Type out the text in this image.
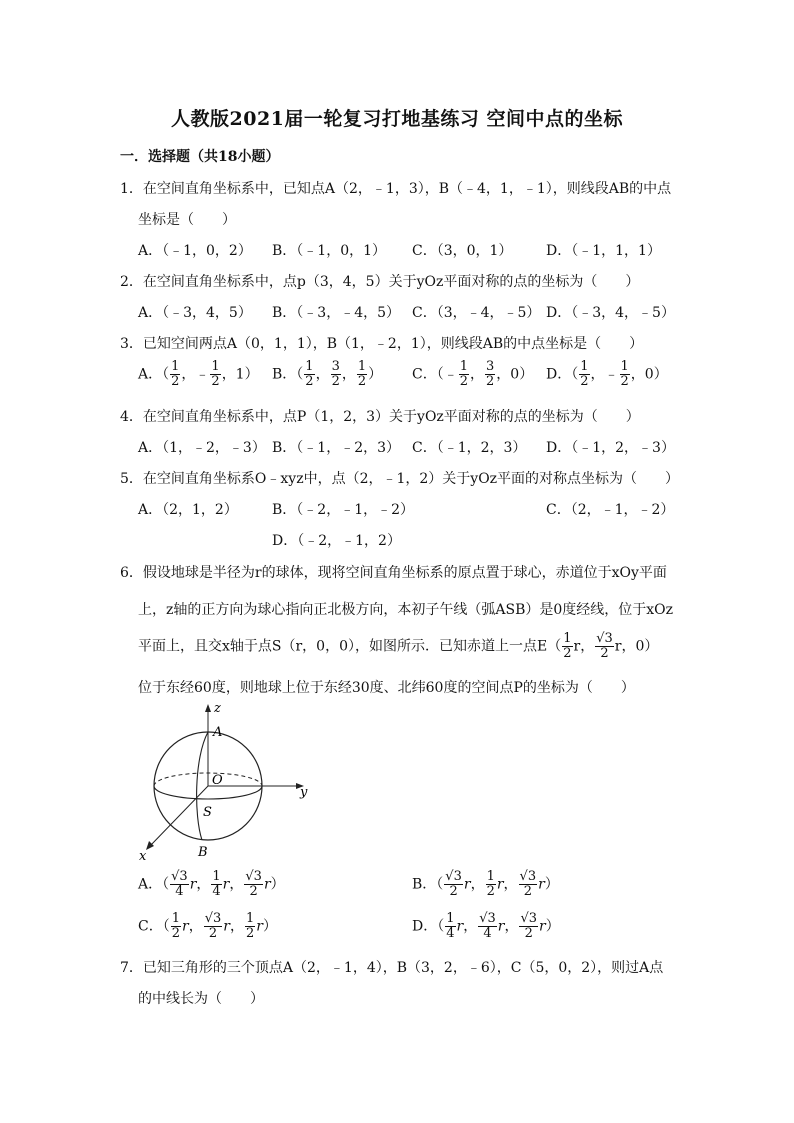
人教版2021届一轮复习打地基练习 空间中点的坐标
一．选择题（共18小题）
1．在空间直角坐标系中，已知点A（2，﹣1，3），B（﹣4，1，﹣1），则线段AB的中点
坐标是（　　）
A．（﹣1，0，2） B．（﹣1，0，1） C．（3，0，1） D．（﹣1，1，1）
2．在空间直角坐标系中，点p（3，4，5）关于yOz平面对称的点的坐标为（　　）
A．（﹣3，4，5） B．（﹣3，﹣4，5） C．（3，﹣4，﹣5） D．（﹣3，4，﹣5）
3．已知空间两点A（0，1，1），B（1，﹣2，1），则线段AB的中点坐标是（　　）
A．（ $\frac{1}{2}$ ，﹣ $\frac{1}{2}$ ，1） B．（ $\frac{1}{2}$ ， $\frac{3}{2}$ ， $\frac{1}{2}$ ） C．（﹣ $\frac{1}{2}$ ， $\frac{3}{2}$ ，0） D．（ $\frac{1}{2}$ ，﹣ $\frac{1}{2}$ ，0）
4．在空间直角坐标系中，点P（1，2，3）关于yOz平面对称的点的坐标为（　　）
A．（1，﹣2，﹣3） B．（﹣1，﹣2，3） C．（﹣1，2，3） D．（﹣1，2，﹣3）
5．在空间直角坐标系O﹣xyz中，点（2，﹣1，2）关于yOz平面的对称点坐标为（　　）
A．（2，1，2） B．（﹣2，﹣1，﹣2）	C．（2，﹣1，﹣2）
D．（﹣2，﹣1，2）
6．假设地球是半径为r的球体，现将空间直角坐标系的原点置于球心，赤道位于xOy平面
上，z轴的正方向为球心指向正北极方向，本初子午线（弧ASB）是0度经线，位于xOz
平面上，且交x轴于点S（r，0，0），如图所示．已知赤道上一点$E( \frac{1}{2}$ r， $\frac{√3}{2}$ r，0）
位于东经60度，则地球上位于东经30度、北纬60度的空间点P的坐标为（　　）
z
A
O
y
S
B
x
A．（ $\frac{√3}{4}$ r， $\frac{1}{4}$ r， $\frac{√3}{2} r$）	B．（ $\frac{√3}{2}$ r， $\frac{1}{2}$ r， $\frac{√3}{2} r$）
C．（ $\frac{1}{2}$ r， $\frac{√3}{2}$ r， $\frac{1}{2} r$）	D．（ $\frac{1}{4}$ r， $\frac{√3}{4}$ r， $\frac{√3}{2} r$）
7．已知三角形的三个顶点A（2，﹣1，4），B（3，2，﹣6），C（5，0，2），则过A点
的中线长为（　　）
